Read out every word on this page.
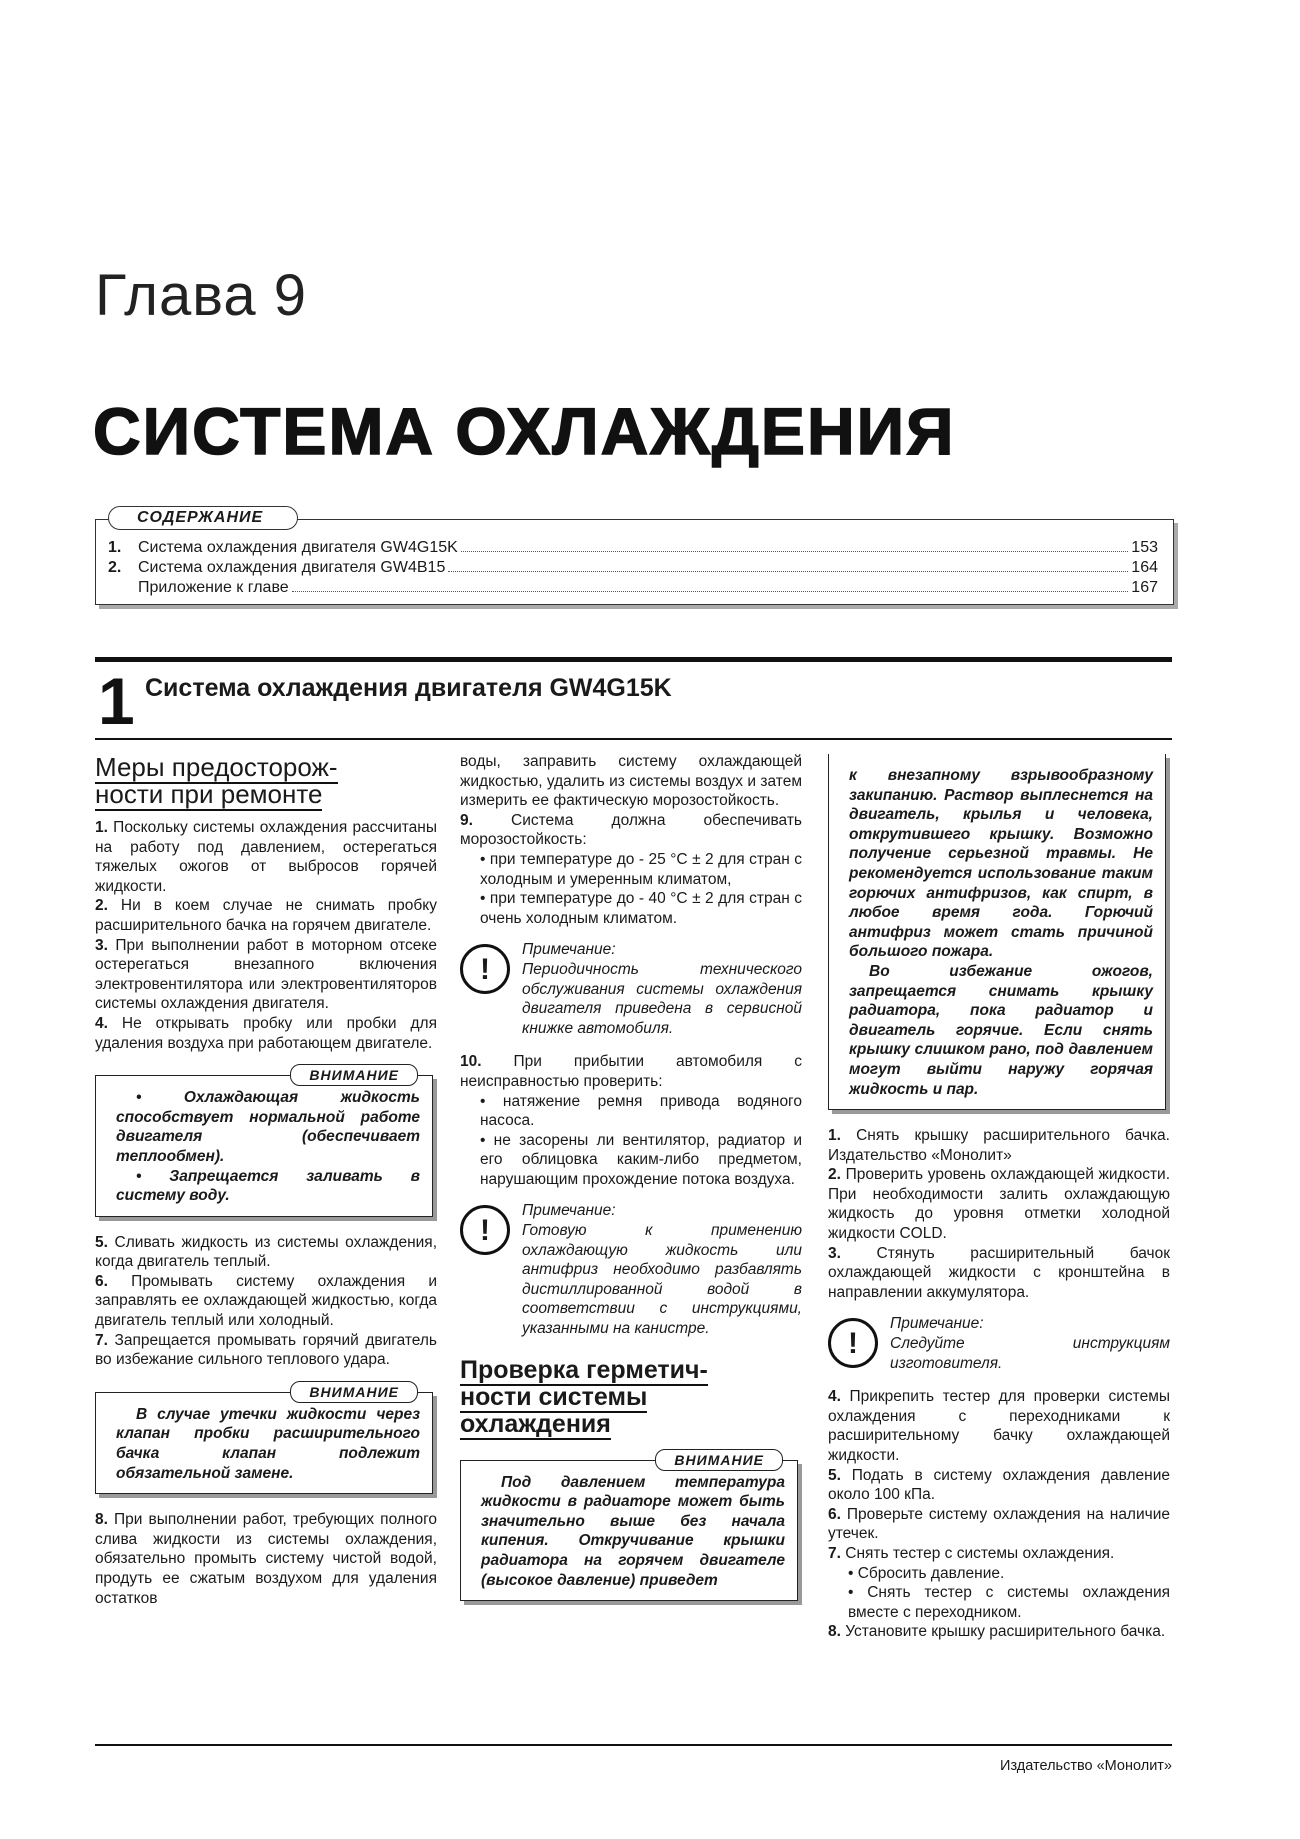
Глава 9
СИСТЕМА ОХЛАЖДЕНИЯ
СОДЕРЖАНИЕ
1.	Система охлаждения двигателя GW4G15K	153
2.	Система охлаждения двигателя GW4B15	164
Приложение к главе	167
1 Система охлаждения двигателя GW4G15K
Меры предосторож-
ности при ремонте

1. Поскольку системы охлаждения рассчитаны на работу под давлением, остерегаться тяжелых ожогов от выбросов горячей жидкости.

2. Ни в коем случае не снимать пробку расширительного бачка на горячем двигателе.

3. При выполнении работ в моторном отсеке остерегаться внезапного включения электровентилятора или электровентиляторов системы охлаждения двигателя.

4. Не открывать пробку или пробки для удаления воздуха при работающем двигателе.

ВНИМАНИЕ

• Охлаждающая жидкость способствует нормальной работе двигателя (обеспечивает теплообмен).

• Запрещается заливать в систему воду.

5. Сливать жидкость из системы охлаждения, когда двигатель теплый.

6. Промывать систему охлаждения и заправлять ее охлаждающей жидкостью, когда двигатель теплый или холодный.

7. Запрещается промывать горячий двигатель во избежание сильного теплового удара.

ВНИМАНИЕ

В случае утечки жидкости через клапан пробки расширительного бачка клапан подлежит обязательной замене.

8. При выполнении работ, требующих полного слива жидкости из системы охлаждения, обязательно промыть систему чистой водой, продуть ее сжатым воздухом для удаления остатков

воды, заправить систему охлаждающей жидкостью, удалить из системы воздух и затем измерить ее фактическую морозостойкость.

9. Система должна обеспечивать морозостойкость:

• при температуре до - 25 °С ± 2 для стран с холодным и умеренным климатом,

• при температуре до - 40 °С ± 2 для стран с очень холодным климатом.

!

Примечание:

Периодичность технического обслуживания системы охлаждения двигателя приведена в сервисной книжке автомобиля.

10. При прибытии автомобиля с неисправностью проверить:

• натяжение ремня привода водяного насоса.

• не засорены ли вентилятор, радиатор и его облицовка каким-либо предметом, нарушающим прохождение потока воздуха.

!

Примечание:

Готовую к применению охлаждающую жидкость или антифриз необходимо разбавлять дистиллированной водой в соответствии с инструкциями, указанными на канистре.

Проверка герметич-
ности системы
охлаждения
ВНИМАНИЕ

Под давлением температура жидкости в радиаторе может быть значительно выше без начала кипения. Откручивание крышки радиатора на горячем двигателе (высокое давление) приведет

к внезапному взрывообразному закипанию. Раствор выплеснется на двигатель, крылья и человека, открутившего крышку. Возможно получение серьезной травмы. Не рекомендуется использование таким горючих антифризов, как спирт, в любое время года. Горючий антифриз может стать причиной большого пожара.

Во избежание ожогов, запрещается снимать крышку радиатора, пока радиатор и двигатель горячие. Если снять крышку слишком рано, под давлением могут выйти наружу горячая жидкость и пар.

1. Снять крышку расширительного бачка. Издательство «Монолит»

2. Проверить уровень охлаждающей жидкости. При необходимости залить охлаждающую жидкость до уровня отметки холодной жидкости COLD.

3. Стянуть расширительный бачок охлаждающей жидкости с кронштейна в направлении аккумулятора.

!

Примечание:

Следуйте инструкциям изготовителя.

4. Прикрепить тестер для проверки системы охлаждения с переходниками к расширительному бачку охлаждающей жидкости.

5. Подать в систему охлаждения давление около 100 кПа.

6. Проверьте систему охлаждения на наличие утечек.

7. Снять тестер с системы охлаждения.

• Сбросить давление.

• Снять тестер с системы охлаждения вместе с переходником.

8. Установите крышку расширительного бачка.

Издательство «Монолит»
